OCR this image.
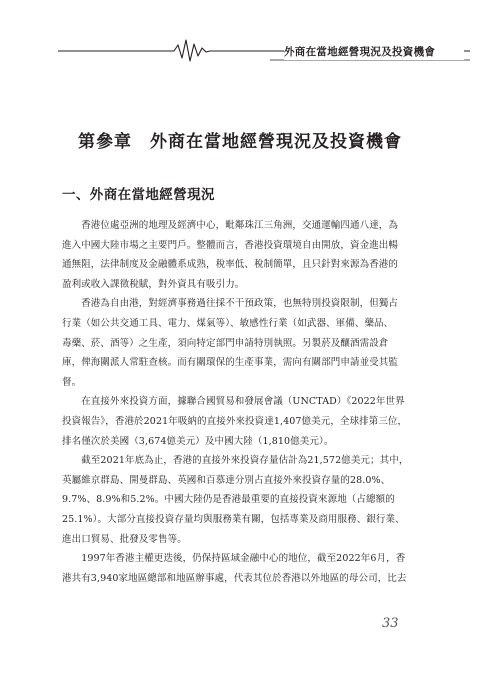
外商在當地經營現況及投資機會
第參章　外商在當地經營現況及投資機會
一、外商在當地經營現況

　　香港位處亞洲的地理及經濟中心，毗鄰珠江三角洲，交通運輸四通八達，為

進入中國大陸市場之主要門戶。整體而言，香港投資環境自由開放，資金進出暢

通無阻，法律制度及金融體系成熟，稅率低、稅制簡單，且只針對來源為香港的

盈利或收入課徵稅賦，對外資具有吸引力。

　　香港為自由港，對經濟事務過往採不干預政策，也無特別投資限制，但獨占

行業（如公共交通工具、電力、煤氣等）、敏感性行業（如武器、軍備、藥品、

毒藥、菸、酒等）之生產，須向特定部門申請特別執照。另製菸及釀酒需設倉

庫，俾海關派人常駐查核。而有關環保的生產事業，需向有關部門申請並受其監

督。

　　在直接外來投資方面，據聯合國貿易和發展會議（UNCTAD）《2022年世界

投資報告》，香港於2021年吸納的直接外來投資達1,407億美元，全球排第三位，

排名僅次於美國（3,674億美元）及中國大陸（1,810億美元）。

　　截至2021年底為止，香港的直接外來投資存量估計為21,572億美元；其中，

英屬維京群島、開曼群島、英國和百慕達分別占直接外來投資存量的28.0%、

9.7%、8.9%和5.2%。中國大陸仍是香港最重要的直接投資來源地（占總額的

25.1%）。大部分直接投資存量均與服務業有關，包括專業及商用服務、銀行業、

進出口貿易、批發及零售等。

　　1997年香港主權更迭後，仍保持區域金融中心的地位，截至2022年6月，香

港共有3,940家地區總部和地區辦事處，代表其位於香港以外地區的母公司，比去

33
